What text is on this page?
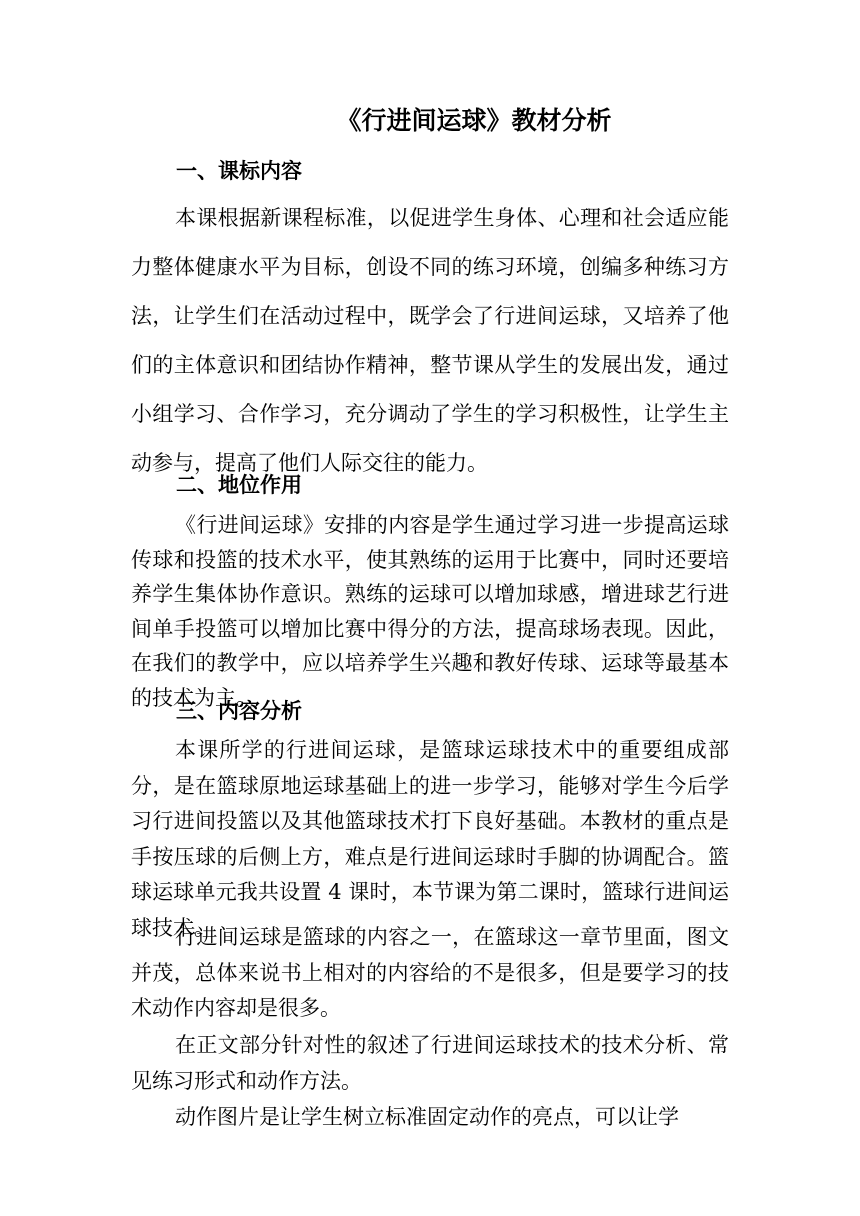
《行进间运球》教材分析
一、课标内容

本课根据新课程标准，以促进学生身体、心理和社会适应能力整体健康水平为目标，创设不同的练习环境，创编多种练习方法，让学生们在活动过程中，既学会了行进间运球，又培养了他们的主体意识和团结协作精神，整节课从学生的发展出发，通过小组学习、合作学习，充分调动了学生的学习积极性，让学生主动参与，提高了他们人际交往的能力。

二、地位作用

《行进间运球》安排的内容是学生通过学习进一步提高运球传球和投篮的技术水平，使其熟练的运用于比赛中，同时还要培养学生集体协作意识。熟练的运球可以增加球感，增进球艺行进间单手投篮可以增加比赛中得分的方法，提高球场表现。因此，在我们的教学中，应以培养学生兴趣和教好传球、运球等最基本的技术为主。

三、内容分析

本课所学的行进间运球，是篮球运球技术中的重要组成部分，是在篮球原地运球基础上的进一步学习，能够对学生今后学习行进间投篮以及其他篮球技术打下良好基础。本教材的重点是手按压球的后侧上方，难点是行进间运球时手脚的协调配合。篮球运球单元我共设置 4 课时，本节课为第二课时，篮球行进间运球技术。

行进间运球是篮球的内容之一，在篮球这一章节里面，图文并茂，总体来说书上相对的内容给的不是很多，但是要学习的技术动作内容却是很多。

在正文部分针对性的叙述了行进间运球技术的技术分析、常见练习形式和动作方法。

动作图片是让学生树立标准固定动作的亮点，可以让学
